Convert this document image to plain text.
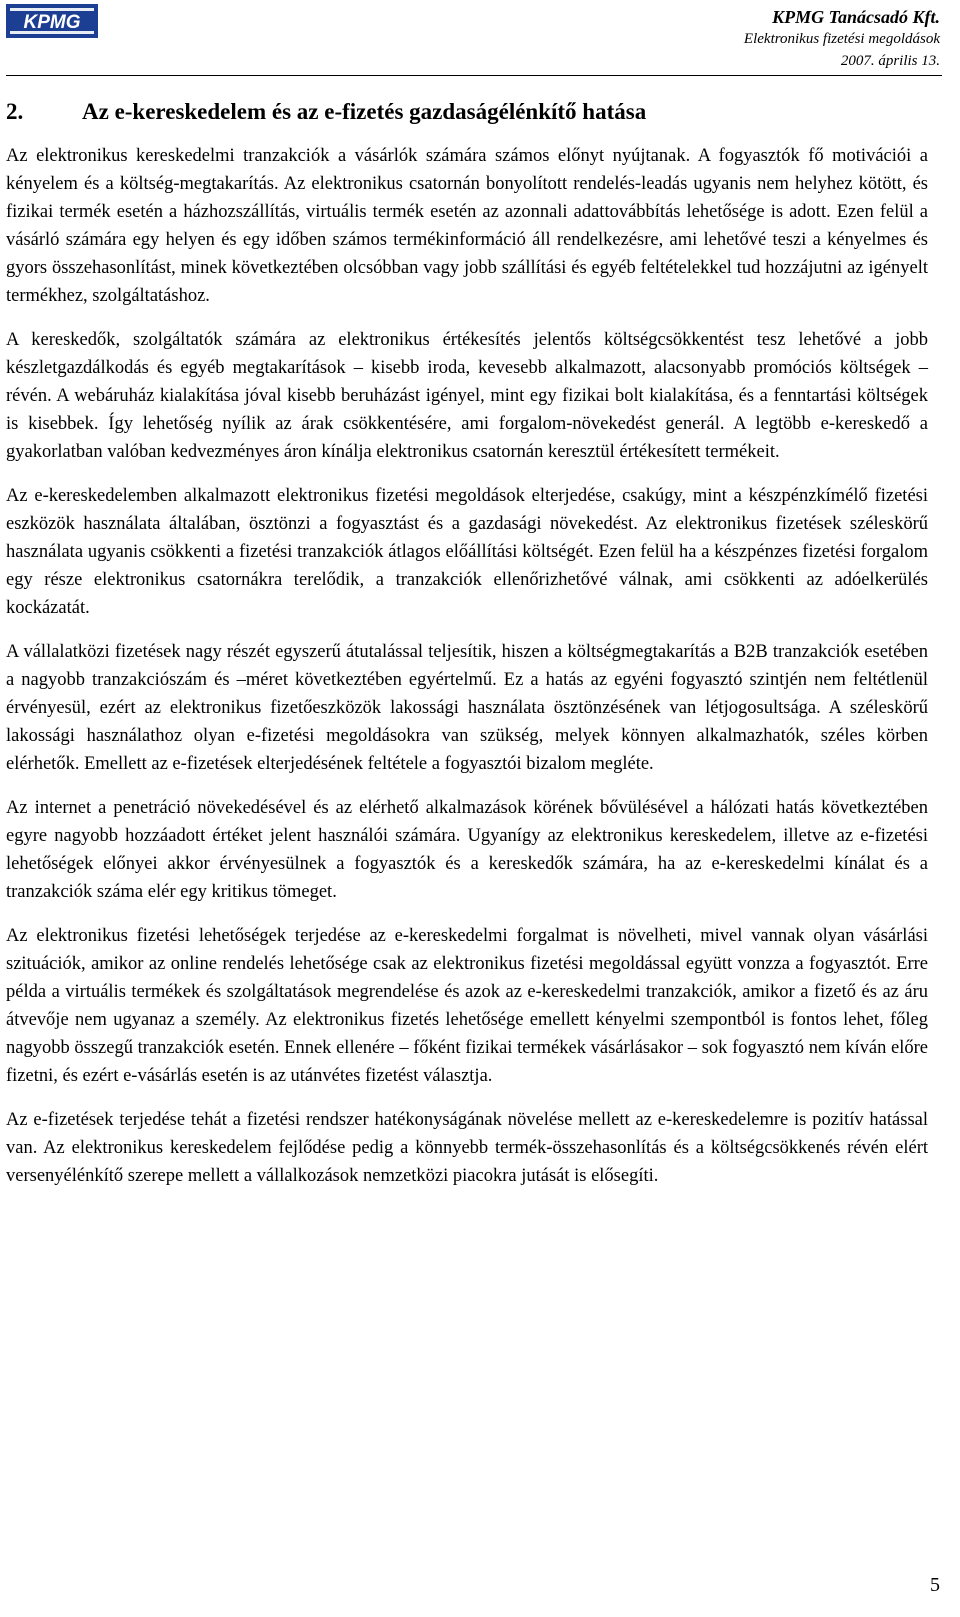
KPMG	KPMG Tanácsadó Kft.
Elektronikus fizetési megoldások
2007. április 13.
2.	Az e-kereskedelem és az e-fizetés gazdaságélénkítő hatása

Az elektronikus kereskedelmi tranzakciók a vásárlók számára számos előnyt nyújtanak. A fogyasztók fő motivációi a kényelem és a költség-megtakarítás. Az elektronikus csatornán bonyolított rendelés-leadás ugyanis nem helyhez kötött, és fizikai termék esetén a házhozszállítás, virtuális termék esetén az azonnali adattovábbítás lehetősége is adott. Ezen felül a vásárló számára egy helyen és egy időben számos termékinformáció áll rendelkezésre, ami lehetővé teszi a kényelmes és gyors összehasonlítást, minek következtében olcsóbban vagy jobb szállítási és egyéb feltételekkel tud hozzájutni az igényelt termékhez, szolgáltatáshoz.

A kereskedők, szolgáltatók számára az elektronikus értékesítés jelentős költségcsökkentést tesz lehetővé a jobb készletgazdálkodás és egyéb megtakarítások – kisebb iroda, kevesebb alkalmazott, alacsonyabb promóciós költségek – révén. A webáruház kialakítása jóval kisebb beruházást igényel, mint egy fizikai bolt kialakítása, és a fenntartási költségek is kisebbek. Így lehetőség nyílik az árak csökkentésére, ami forgalom-növekedést generál. A legtöbb e-kereskedő a gyakorlatban valóban kedvezményes áron kínálja elektronikus csatornán keresztül értékesített termékeit.

Az e-kereskedelemben alkalmazott elektronikus fizetési megoldások elterjedése, csakúgy, mint a készpénzkímélő fizetési eszközök használata általában, ösztönzi a fogyasztást és a gazdasági növekedést. Az elektronikus fizetések széleskörű használata ugyanis csökkenti a fizetési tranzakciók átlagos előállítási költségét. Ezen felül ha a készpénzes fizetési forgalom egy része elektronikus csatornákra terelődik, a tranzakciók ellenőrizhetővé válnak, ami csökkenti az adóelkerülés kockázatát.

A vállalatközi fizetések nagy részét egyszerű átutalással teljesítik, hiszen a költségmegtakarítás a B2B tranzakciók esetében a nagyobb tranzakciószám és –méret következtében egyértelmű. Ez a hatás az egyéni fogyasztó szintjén nem feltétlenül érvényesül, ezért az elektronikus fizetőeszközök lakossági használata ösztönzésének van létjogosultsága. A széleskörű lakossági használathoz olyan e-fizetési megoldásokra van szükség, melyek könnyen alkalmazhatók, széles körben elérhetők. Emellett az e-fizetések elterjedésének feltétele a fogyasztói bizalom megléte.

Az internet a penetráció növekedésével és az elérhető alkalmazások körének bővülésével a hálózati hatás következtében egyre nagyobb hozzáadott értéket jelent használói számára. Ugyanígy az elektronikus kereskedelem, illetve az e-fizetési lehetőségek előnyei akkor érvényesülnek a fogyasztók és a kereskedők számára, ha az e-kereskedelmi kínálat és a tranzakciók száma elér egy kritikus tömeget.

Az elektronikus fizetési lehetőségek terjedése az e-kereskedelmi forgalmat is növelheti, mivel vannak olyan vásárlási szituációk, amikor az online rendelés lehetősége csak az elektronikus fizetési megoldással együtt vonzza a fogyasztót. Erre példa a virtuális termékek és szolgáltatások megrendelése és azok az e-kereskedelmi tranzakciók, amikor a fizető és az áru átvevője nem ugyanaz a személy. Az elektronikus fizetés lehetősége emellett kényelmi szempontból is fontos lehet, főleg nagyobb összegű tranzakciók esetén. Ennek ellenére – főként fizikai termékek vásárlásakor – sok fogyasztó nem kíván előre fizetni, és ezért e-vásárlás esetén is az utánvétes fizetést választja.

Az e-fizetések terjedése tehát a fizetési rendszer hatékonyságának növelése mellett az e-kereskedelemre is pozitív hatással van. Az elektronikus kereskedelem fejlődése pedig a könnyebb termék-összehasonlítás és a költségcsökkenés révén elért versenyélénkítő szerepe mellett a vállalkozások nemzetközi piacokra jutását is elősegíti.

5
